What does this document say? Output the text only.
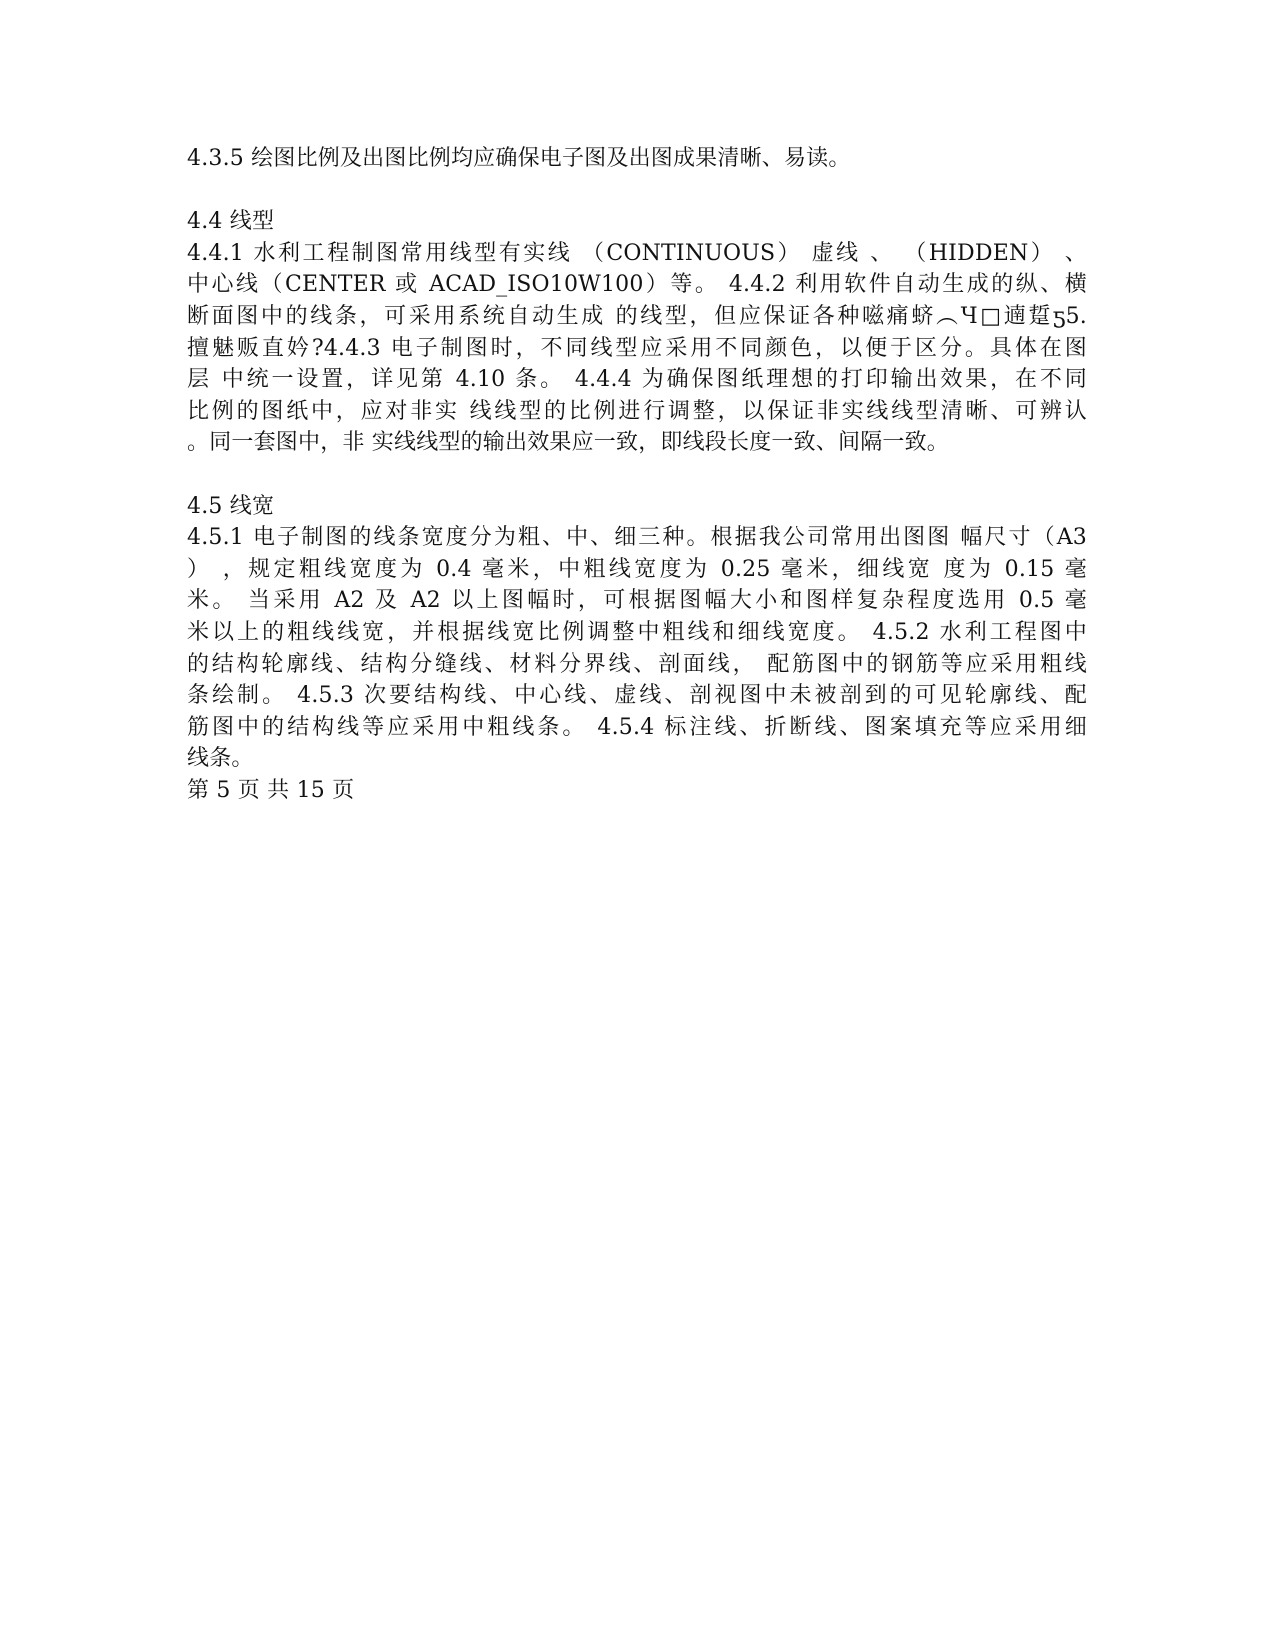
4.3.5 绘图比例及出图比例均应确保电子图及出图成果清晰、易读。

4.4 线型

4.4.1 水利工程制图常用线型有实线 （CONTINUOUS） 虚线 、 （HIDDEN） 、

中心线（CENTER 或 ACAD_ISO10W100）等。 4.4.2 利用软件自动生成的纵、横

断面图中的线条，可采用系统自动生成 的线型，但应保证各种嗞痛蛴︵Ч□遖踅ƽ5.

擅魅贩直妗?4.4.3 电子制图时，不同线型应采用不同颜色，以便于区分。具体在图

层 中统一设置，详见第 4.10 条。 4.4.4 为确保图纸理想的打印输出效果，在不同

比例的图纸中，应对非实 线线型的比例进行调整，以保证非实线线型清晰、可辨认

。同一套图中，非 实线线型的输出效果应一致，即线段长度一致、间隔一致。

4.5 线宽

4.5.1 电子制图的线条宽度分为粗、中、细三种。根据我公司常用出图图 幅尺寸（A3

） ，规定粗线宽度为 0.4 毫米，中粗线宽度为 0.25 毫米，细线宽 度为 0.15 毫

米。 当采用 A2 及 A2 以上图幅时，可根据图幅大小和图样复杂程度选用 0.5 毫

米以上的粗线线宽，并根据线宽比例调整中粗线和细线宽度。 4.5.2 水利工程图中

的结构轮廓线、结构分缝线、材料分界线、剖面线， 配筋图中的钢筋等应采用粗线

条绘制。 4.5.3 次要结构线、中心线、虚线、剖视图中未被剖到的可见轮廓线、配

筋图中的结构线等应采用中粗线条。 4.5.4 标注线、折断线、图案填充等应采用细

线条。

第 5 页 共 15 页
